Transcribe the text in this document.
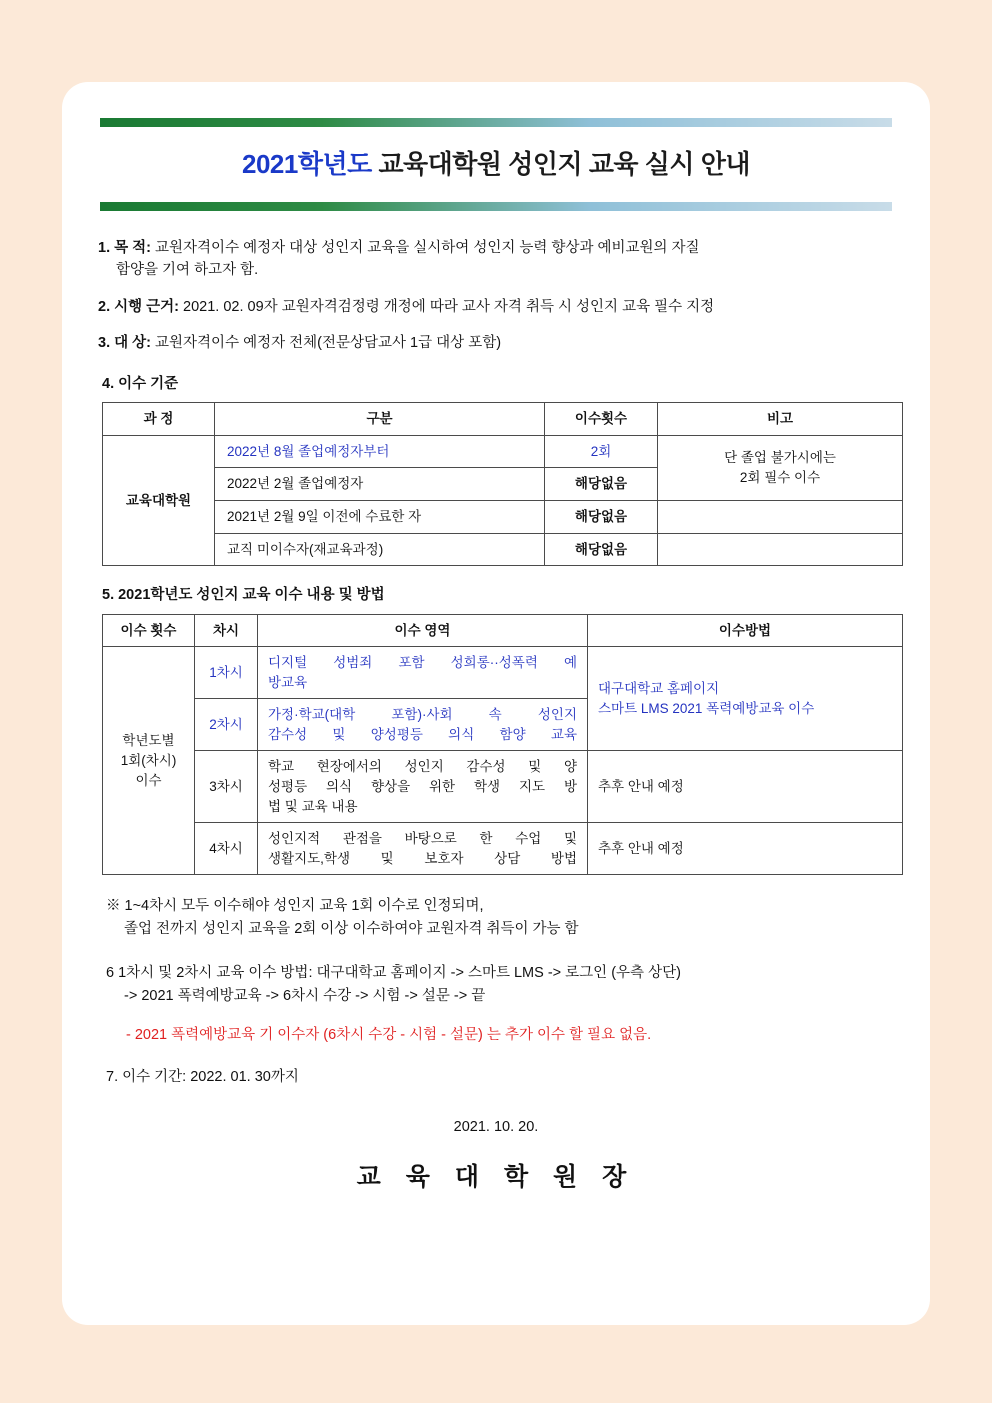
2021학년도 교육대학원 성인지 교육 실시 안내
1. 목 적: 교원자격이수 예정자 대상 성인지 교육을 실시하여 성인지 능력 향상과 예비교원의 자질
함양을 기여 하고자 함.
2. 시행 근거: 2021. 02. 09자 교원자격검정령 개정에 따라 교사 자격 취득 시 성인지 교육 필수 지정
3. 대 상: 교원자격이수 예정자 전체(전문상담교사 1급 대상 포함)
4. 이수 기준
과 정	구분	이수횟수	비고
교육대학원	2022년 8월 졸업예정자부터	2회	단 졸업 불가시에는
2회 필수 이수
	2022년 2월 졸업예정자	해당없음	
	2021년 2월 9일 이전에 수료한 자	해당없음	
	교직 미이수자(재교육과정)	해당없음	
5. 2021학년도 성인지 교육 이수 내용 및 방법
이수 횟수	차시	이수 영역	이수방법
학년도별
1회(차시)
이수	1차시	디지털 성범죄 포함 성희롱··성폭력 예

방교육	대구대학교 홈페이지
스마트 LMS 2021 폭력예방교육 이수
	2차시	가정·학교(대학 포함)·사회 속 성인지
감수성 및 양성평등 의식 함양 교육	
	3차시	학교 현장에서의 성인지 감수성 및 양
성평등 의식 향상을 위한 학생 지도 방

법 및 교육 내용	추후 안내 예정
	4차시	성인지적 관점을 바탕으로 한 수업 및
생활지도,학생 및 보호자 상담 방법	추후 안내 예정
※ 1~4차시 모두 이수해야 성인지 교육 1회 이수로 인정되며,
졸업 전까지 성인지 교육을 2회 이상 이수하여야 교원자격 취득이 가능 함
6 1차시 및 2차시 교육 이수 방법: 대구대학교 홈페이지 -> 스마트 LMS -> 로그인 (우측 상단)
-> 2021 폭력예방교육 -> 6차시 수강 -> 시험 -> 설문 -> 끝
- 2021 폭력예방교육 기 이수자 (6차시 수강 - 시험 - 설문) 는 추가 이수 할 필요 없음.
7. 이수 기간: 2022. 01. 30까지
2021. 10. 20.
교 육 대 학 원 장
